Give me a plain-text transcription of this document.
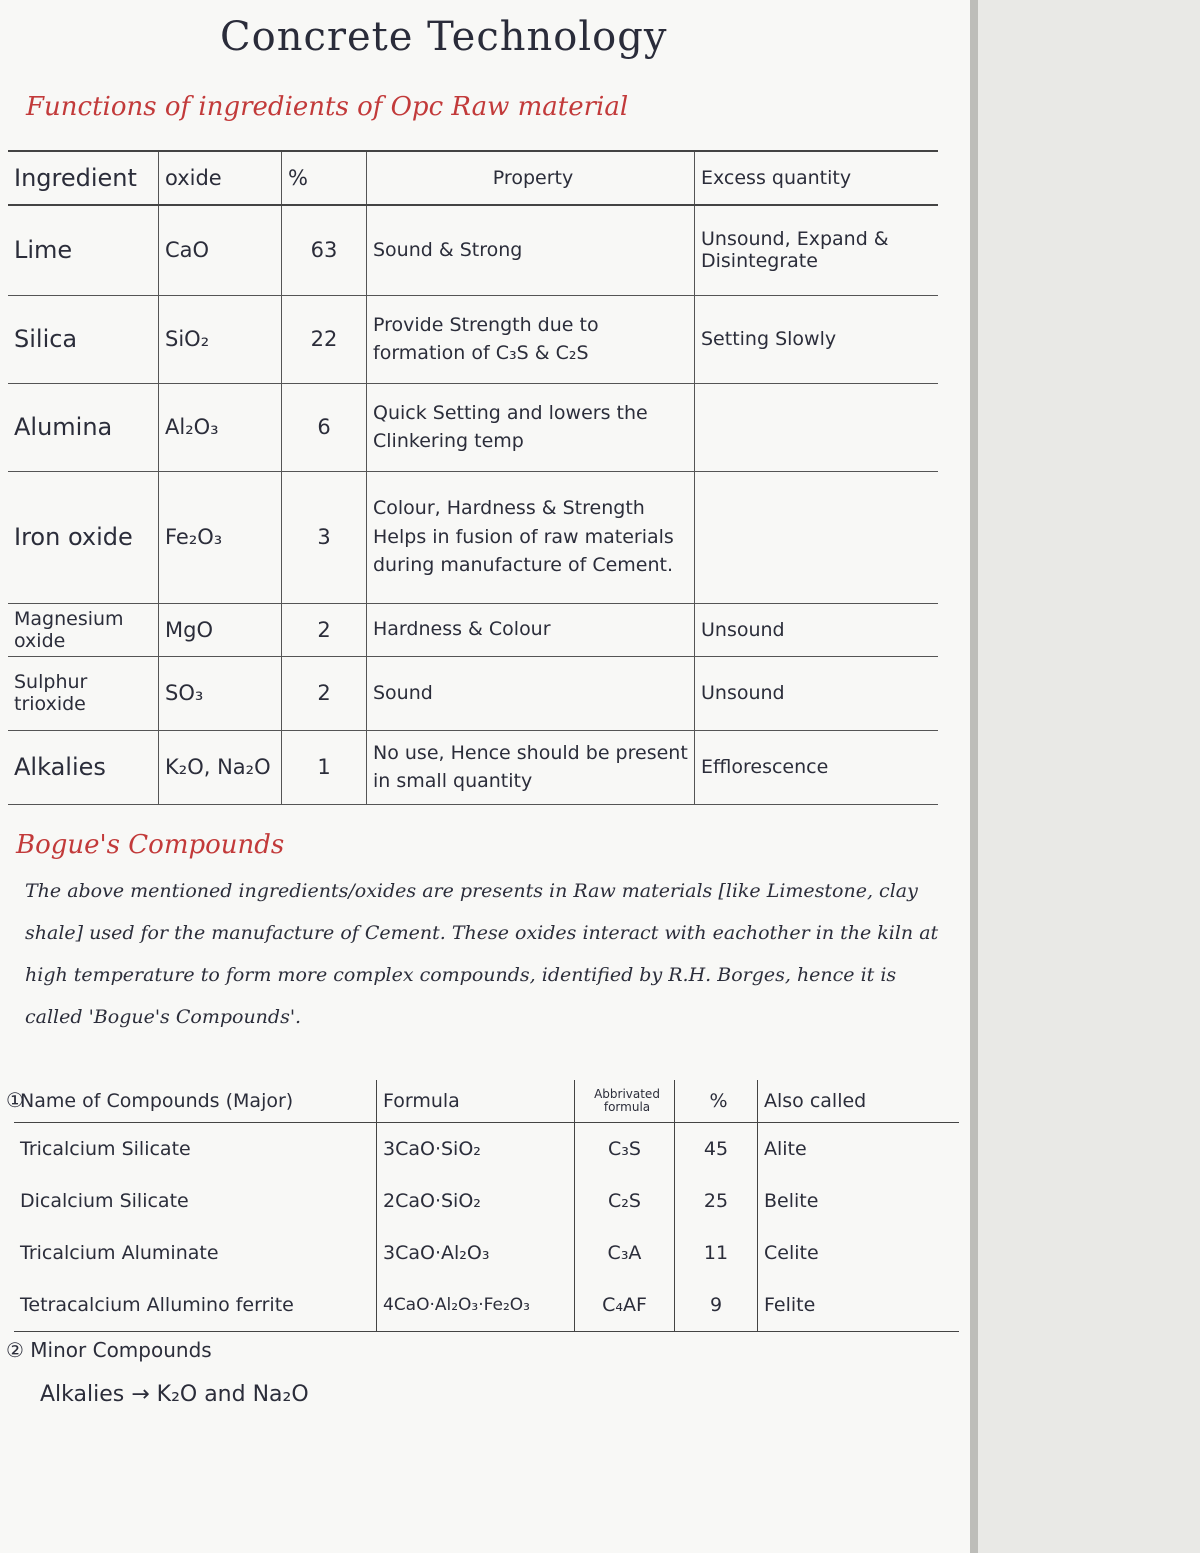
Concrete Technology
Functions of ingredients of Opc Raw material
Ingredient	oxide	%	Property	Excess quantity
Lime	CaO	63	Sound & Strong	Unsound, Expand & Disintegrate
Silica	SiO₂	22	Provide Strength due to formation of C₃S & C₂S	Setting Slowly
Alumina	Al₂O₃	6	Quick Setting and lowers the Clinkering temp	
Iron oxide	Fe₂O₃	3	Colour, Hardness & Strength Helps in fusion of raw materials during manufacture of Cement.	
Magnesium oxide	MgO	2	Hardness & Colour	Unsound
Sulphur trioxide	SO₃	2	Sound	Unsound
Alkalies	K₂O, Na₂O	1	No use, Hence should be present in small quantity	Efflorescence
Bogue's Compounds
The above mentioned ingredients/oxides are presents in Raw materials [like Limestone, clay shale] used for the manufacture of Cement. These oxides interact with eachother in the kiln at high temperature to form more complex compounds, identified by R.H. Borges, hence it is called 'Bogue's Compounds'.
①
Name of Compounds (Major)	Formula	Abbrivated formula	%	Also called
Tricalcium Silicate	3CaO·SiO₂	C₃S	45	Alite
Dicalcium Silicate	2CaO·SiO₂	C₂S	25	Belite
Tricalcium Aluminate	3CaO·Al₂O₃	C₃A	11	Celite
Tetracalcium Allumino ferrite	4CaO·Al₂O₃·Fe₂O₃	C₄AF	9	Felite
② Minor Compounds
Alkalies → K₂O and Na₂O
